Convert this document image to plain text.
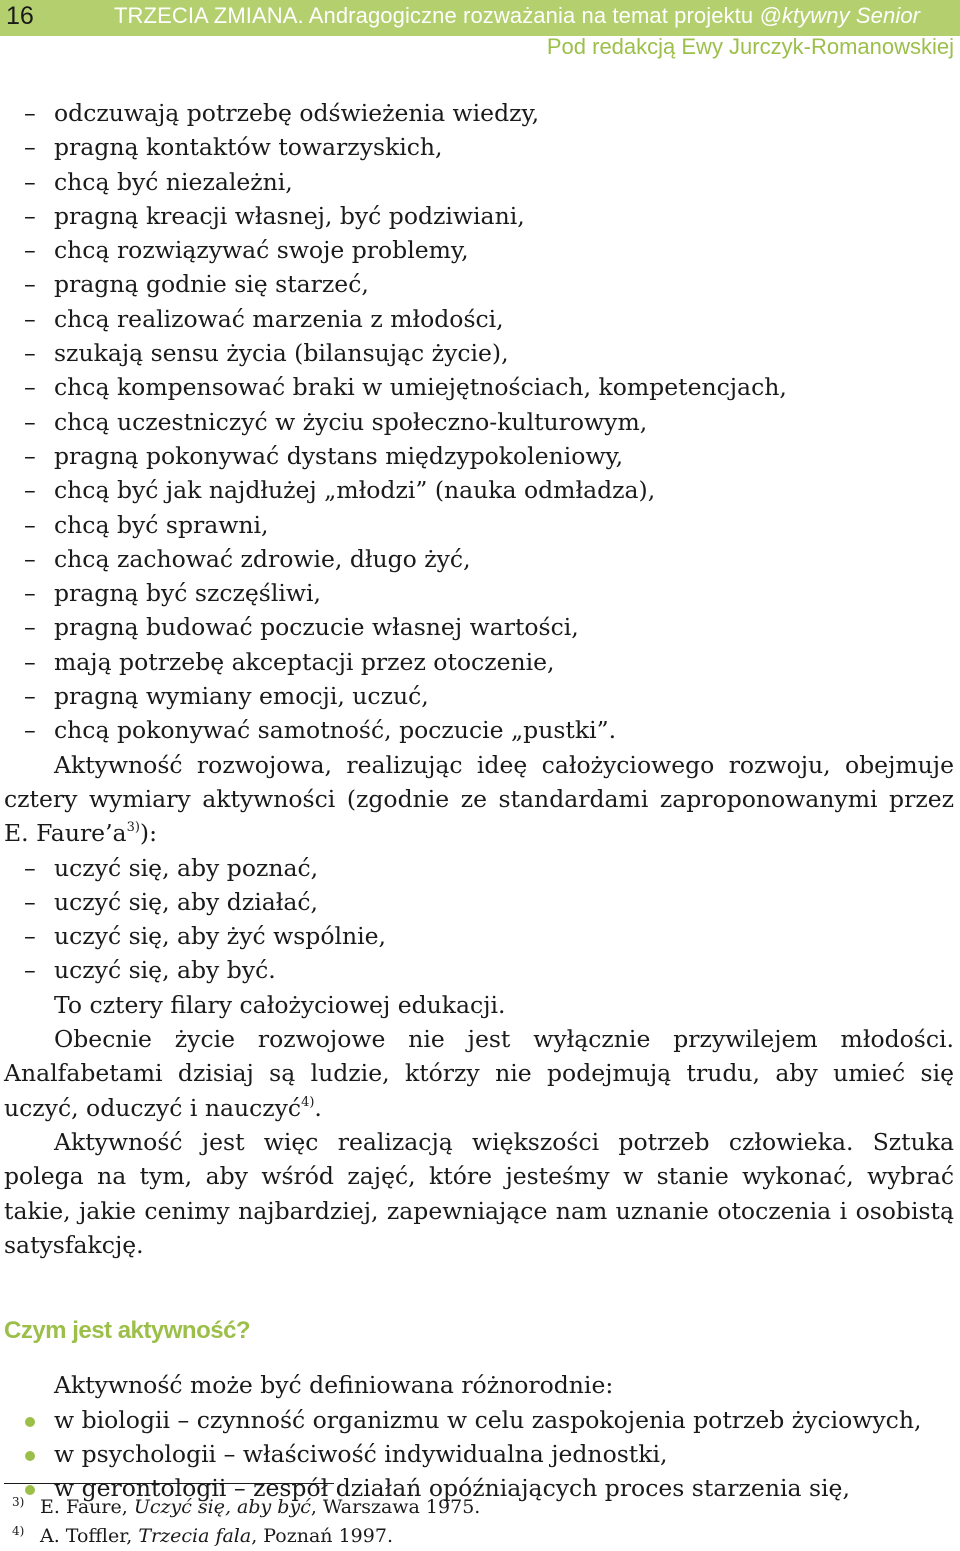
16	TRZECIA ZMIANA. Andragogiczne rozważania na temat projektu @ktywny Senior
Pod redakcją Ewy Jurczyk-Romanowskiej
– odczuwają potrzebę odświeżenia wiedzy,
– pragną kontaktów towarzyskich,
– chcą być niezależni,
– pragną kreacji własnej, być podziwiani,
– chcą rozwiązywać swoje problemy,
– pragną godnie się starzeć,
– chcą realizować marzenia z młodości,
– szukają sensu życia (bilansując życie),
– chcą kompensować braki w umiejętnościach, kompetencjach,
– chcą uczestniczyć w życiu społeczno-kulturowym,
– pragną pokonywać dystans międzypokoleniowy,
– chcą być jak najdłużej „młodzi” (nauka odmładza),
– chcą być sprawni,
– chcą zachować zdrowie, długo żyć,
– pragną być szczęśliwi,
– pragną budować poczucie własnej wartości,
– mają potrzebę akceptacji przez otoczenie,
– pragną wymiany emocji, uczuć,
– chcą pokonywać samotność, poczucie „pustki”.

Aktywność rozwojowa, realizując ideę całożyciowego rozwoju, obejmuje cztery wymiary aktywności (zgodnie ze standardami zaproponowanymi przez E. $Faure’a^{3)}$):

– uczyć się, aby poznać,
– uczyć się, aby działać,
– uczyć się, aby żyć wspólnie,
– uczyć się, aby być.

To cztery filary całożyciowej edukacji.

Obecnie życie rozwojowe nie jest wyłącznie przywilejem młodości. Analfabetami dzisiaj są ludzie, którzy nie podejmują trudu, aby umieć się uczyć, oduczyć i nauczyć$^{4)}$.

Aktywność jest więc realizacją większości potrzeb człowieka. Sztuka polega na tym, aby wśród zajęć, które jesteśmy w stanie wykonać, wybrać takie, jakie cenimy najbardziej, zapewniające nam uznanie otoczenia i osobistą satysfakcję.

Czym jest aktywność?

Aktywność może być definiowana różnorodnie:

w biologii – czynność organizmu w celu zaspokojenia potrzeb życiowych,
w psychologii – właściwość indywidualna jednostki,
w gerontologii – zespół działań opóźniających proces starzenia się,
3) E. Faure, Uczyć się, aby być, Warszawa 1975.
4) A. Toffler, Trzecia fala, Poznań 1997.
